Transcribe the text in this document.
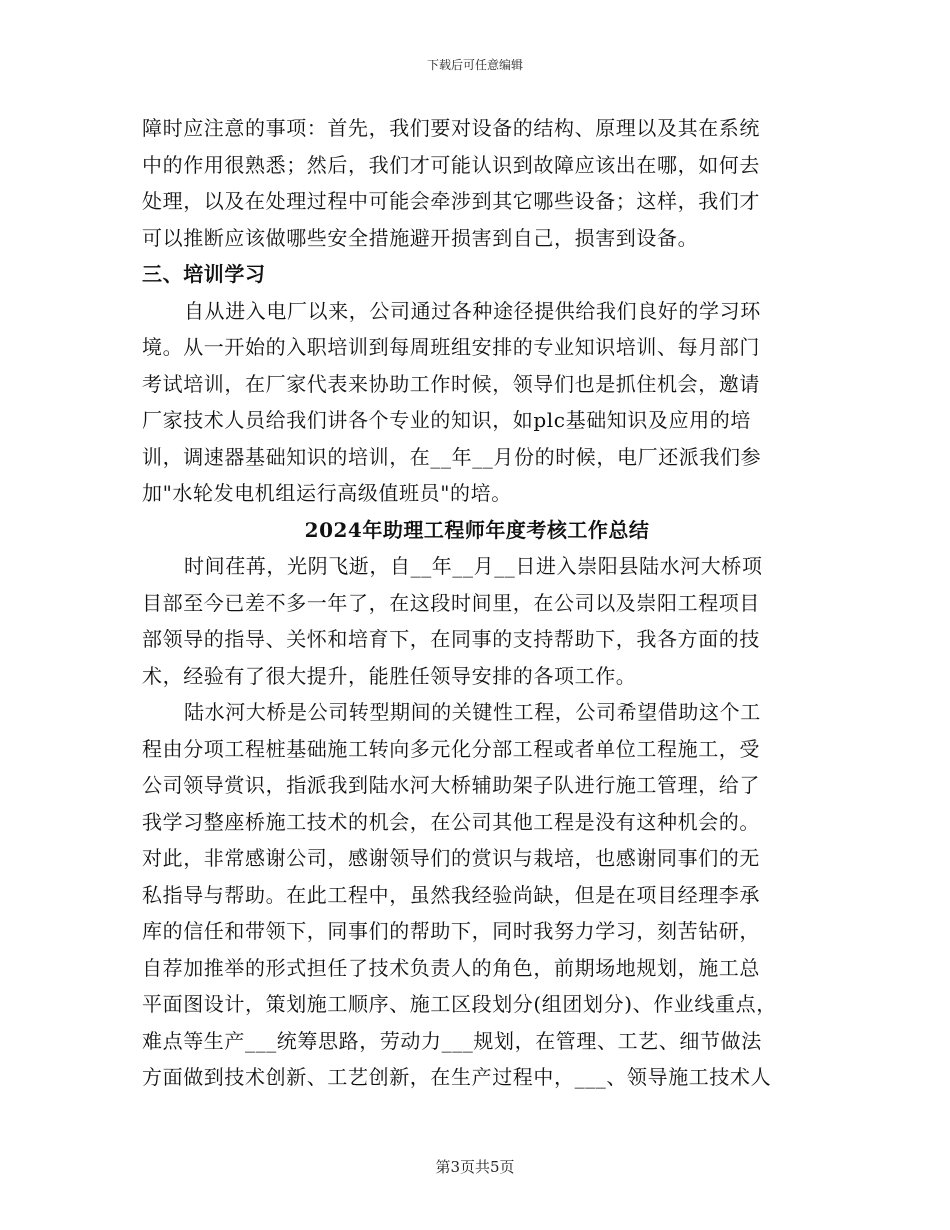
下载后可任意编辑
障时应注意的事项：首先，我们要对设备的结构、原理以及其在系统
中的作用很熟悉；然后，我们才可能认识到故障应该出在哪，如何去
处理，以及在处理过程中可能会牵涉到其它哪些设备；这样，我们才
可以推断应该做哪些安全措施避开损害到自己，损害到设备。
三、培训学习
自从进入电厂以来，公司通过各种途径提供给我们良好的学习环
境。从一开始的入职培训到每周班组安排的专业知识培训、每月部门
考试培训，在厂家代表来协助工作时候，领导们也是抓住机会，邀请
厂家技术人员给我们讲各个专业的知识，如plc基础知识及应用的培
训，调速器基础知识的培训，在__年__月份的时候，电厂还派我们参
加"水轮发电机组运行高级值班员"的培。
2024年助理工程师年度考核工作总结
时间荏苒，光阴飞逝，自__年__月__日进入崇阳县陆水河大桥项
目部至今已差不多一年了，在这段时间里，在公司以及崇阳工程项目
部领导的指导、关怀和培育下，在同事的支持帮助下，我各方面的技
术，经验有了很大提升，能胜任领导安排的各项工作。
陆水河大桥是公司转型期间的关键性工程，公司希望借助这个工
程由分项工程桩基础施工转向多元化分部工程或者单位工程施工，受
公司领导赏识，指派我到陆水河大桥辅助架子队进行施工管理，给了
我学习整座桥施工技术的机会，在公司其他工程是没有这种机会的。
对此，非常感谢公司，感谢领导们的赏识与栽培，也感谢同事们的无
私指导与帮助。在此工程中，虽然我经验尚缺，但是在项目经理李承
库的信任和带领下，同事们的帮助下，同时我努力学习，刻苦钻研，
自荐加推举的形式担任了技术负责人的角色，前期场地规划，施工总
平面图设计，策划施工顺序、施工区段划分(组团划分)、作业线重点，
难点等生产___统筹思路，劳动力___规划，在管理、工艺、细节做法
方面做到技术创新、工艺创新，在生产过程中，___、领导施工技术人
第3页共5页
